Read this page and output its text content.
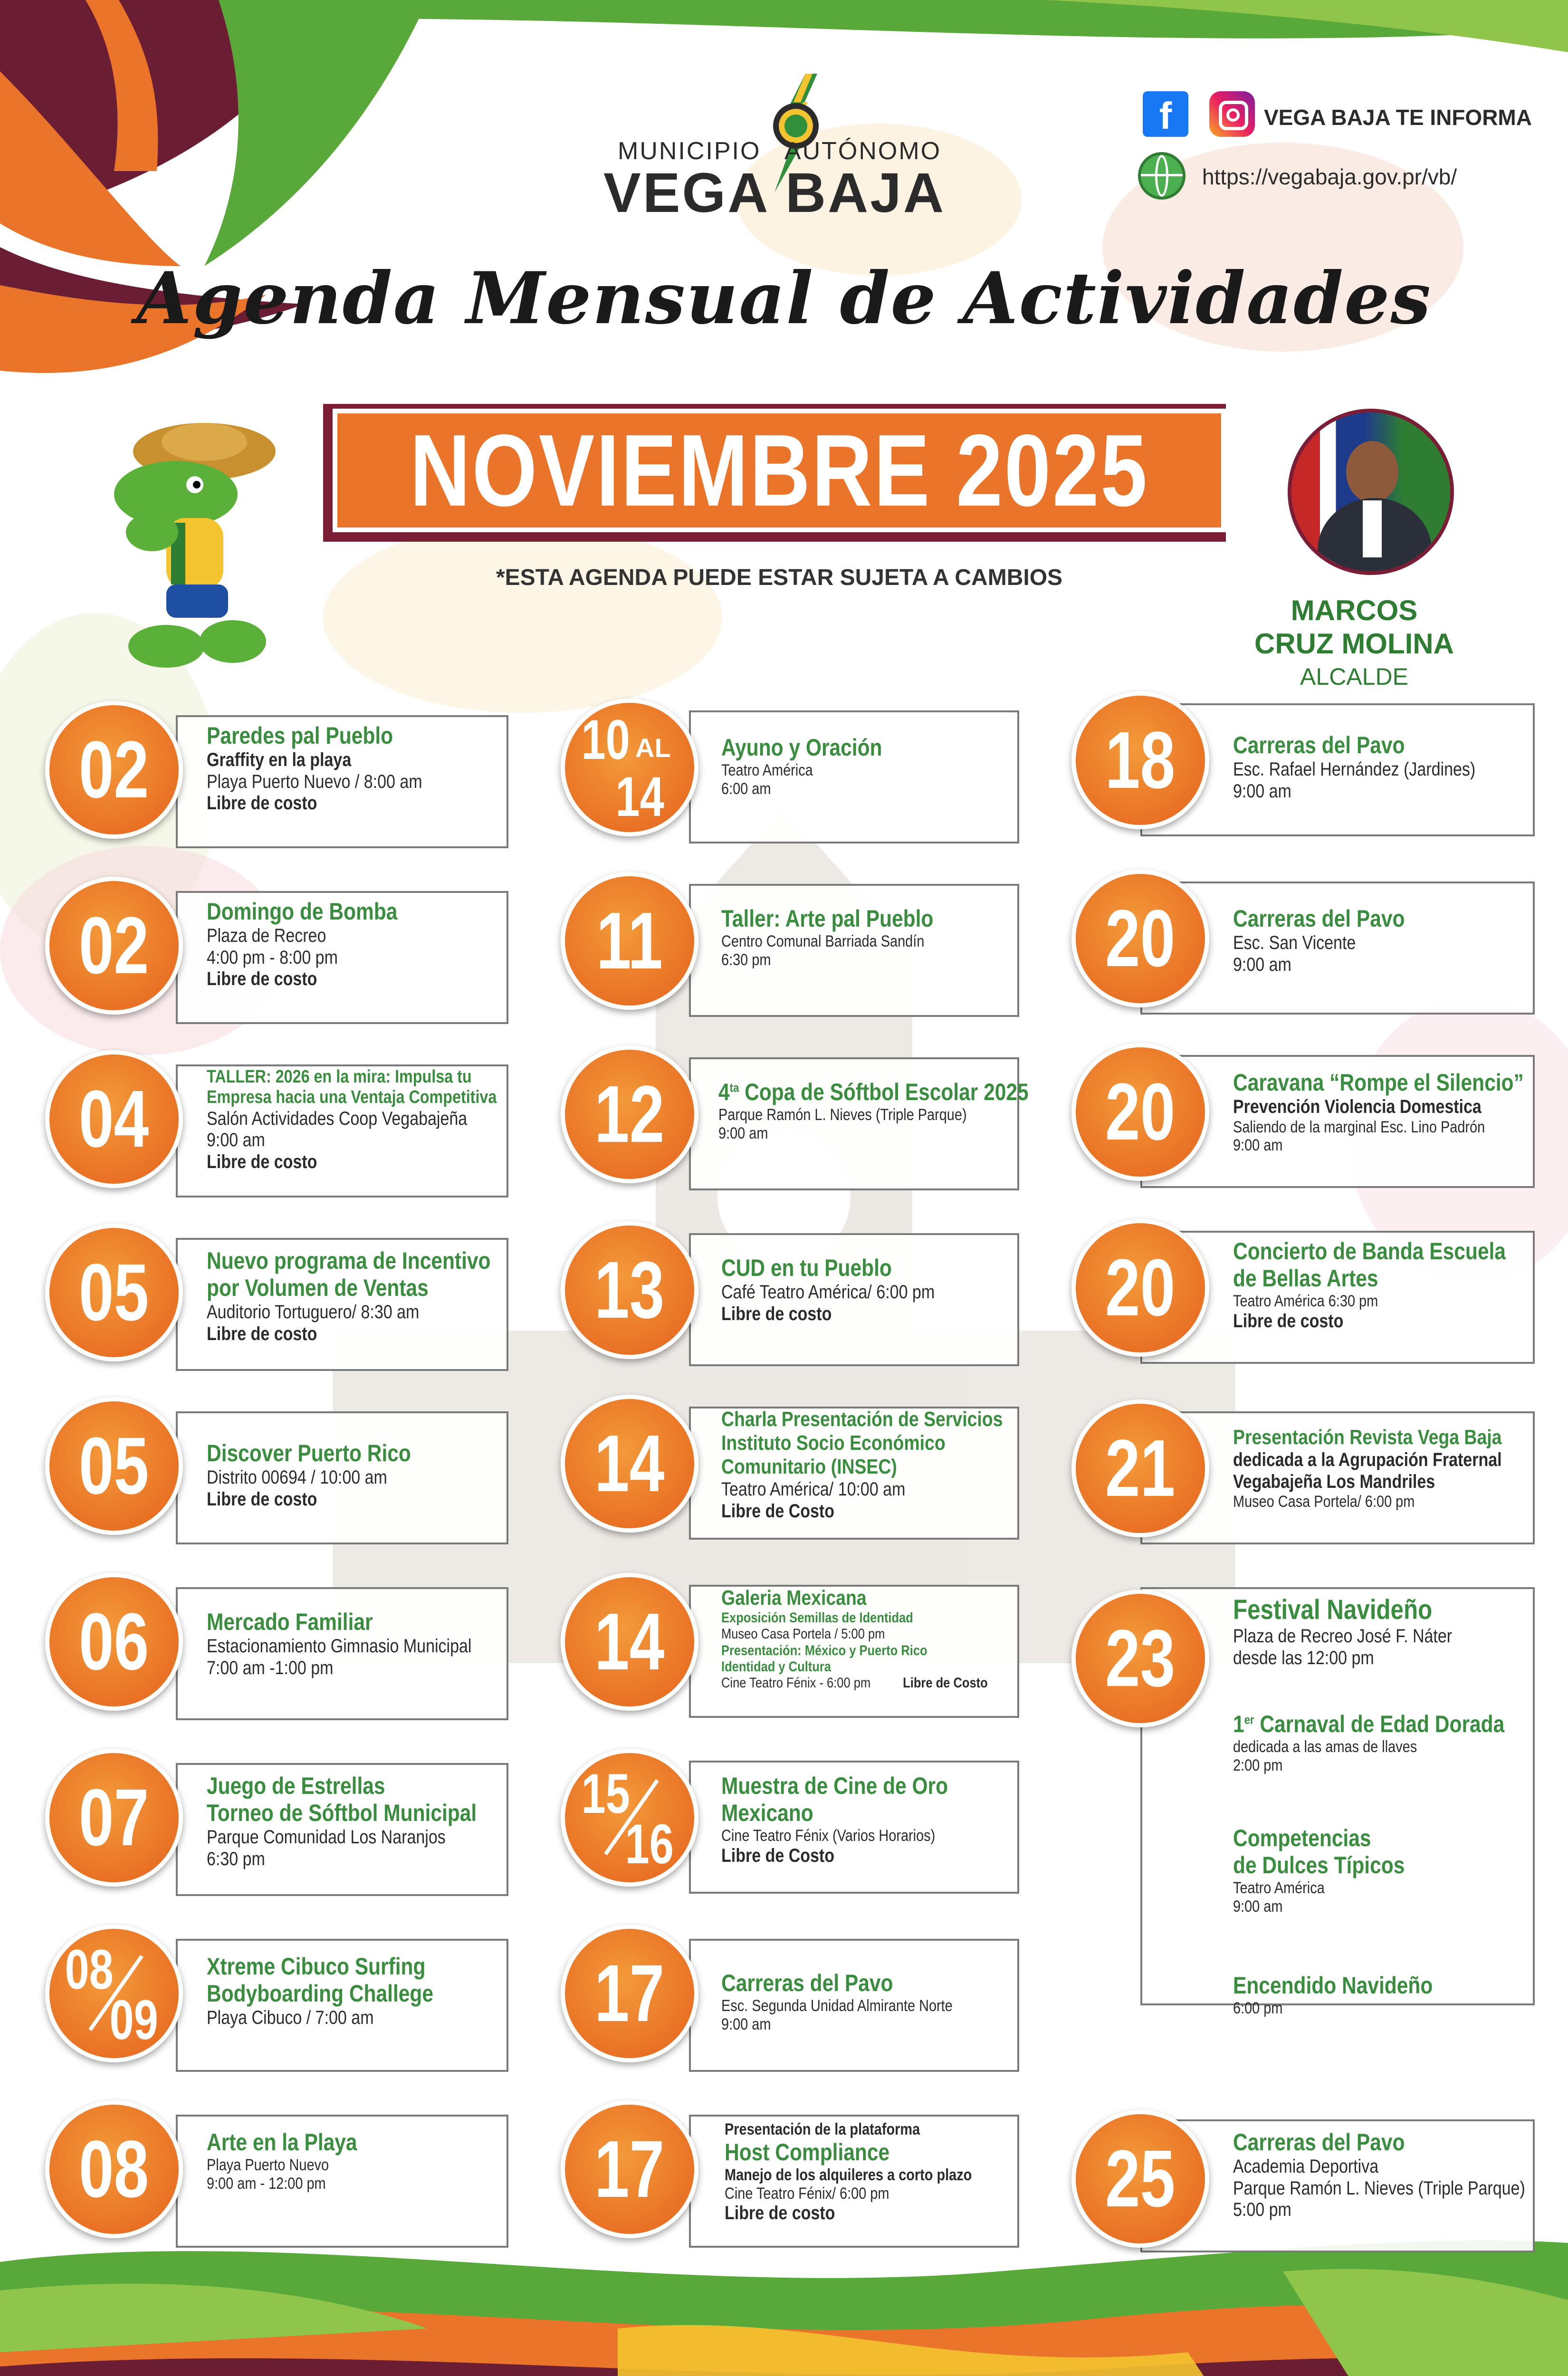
MUNICIPIO   AUTÓNOMO
VEGA BAJA
f	VEGA BAJA TE INFORMA
https://vegabaja.gov.pr/vb/
Agenda Mensual de Actividades
NOVIEMBRE 2025
*ESTA AGENDA PUEDE ESTAR SUJETA A CAMBIOS
MARCOS
CRUZ MOLINA
ALCALDE
02 Paredes pal Pueblo

Graffity en la playa

Playa Puerto Nuevo / 8:00 am

Libre de costo

02 Domingo de Bomba

Plaza de Recreo

4:00 pm - 8:00 pm

Libre de costo

04	TALLER: 2026 en la mira: Impulsa tu

Empresa hacia una Ventaja Competitiva

Salón Actividades Coop Vegabajeña

9:00 am

Libre de costo

05 Nuevo programa de Incentivo

por Volumen de Ventas

Auditorio Tortuguero/ 8:30 am

Libre de costo

05 Discover Puerto Rico

Distrito 00694 / 10:00 am

Libre de costo

06 Mercado Familiar

Estacionamiento Gimnasio Municipal

7:00 am -1:00 pm

07 Juego de Estrellas

Torneo de Sóftbol Municipal

Parque Comunidad Los Naranjos

6:30 pm

08
09

Xtreme Cibuco Surfing

Bodyboarding Challege

Playa Cibuco / 7:00 am

08 Arte en la Playa

Playa Puerto Nuevo

9:00 am - 12:00 pm

10 AL
14

Ayuno y Oración

Teatro América

6:00 am

11 Taller: Arte pal Pueblo

Centro Comunal Barriada Sandín

6:30 pm

12 $4^{ta}$ Copa de Sóftbol Escolar 2025

Parque Ramón L. Nieves (Triple Parque)

9:00 am

13 CUD en tu Pueblo

Café Teatro América/ 6:00 pm

Libre de costo

14	Charla Presentación de Servicios

Instituto Socio Económico

Comunitario (INSEC)

Teatro América/ 10:00 am

Libre de Costo

14	Galeria Mexicana

Exposición Semillas de Identidad

Museo Casa Portela / 5:00 pm

Presentación: México y Puerto Rico

Identidad y Cultura

Cine Teatro Fénix - 6:00 pm Libre de Costo

15
16

Muestra de Cine de Oro

Mexicano

Cine Teatro Fénix (Varios Horarios)

Libre de Costo

17 Carreras del Pavo

Esc. Segunda Unidad Almirante Norte

9:00 am

17	Presentación de la plataforma

Host Compliance

Manejo de los alquileres a corto plazo

Cine Teatro Fénix/ 6:00 pm

Libre de costo

18 Carreras del Pavo

Esc. Rafael Hernández (Jardines)

9:00 am

20 Carreras del Pavo

Esc. San Vicente

9:00 am

20 Caravana “Rompe el Silencio”

Prevención Violencia Domestica

Saliendo de la marginal Esc. Lino Padrón

9:00 am

20 Concierto de Banda Escuela

de Bellas Artes

Teatro América 6:30 pm

Libre de costo

21	Presentación Revista Vega Baja

dedicada a la Agrupación Fraternal

Vegabajeña Los Mandriles

Museo Casa Portela/ 6:00 pm

23

Festival Navideño

Plaza de Recreo José F. Náter

desde las 12:00 pm

1er Carnaval de Edad Dorada

dedicada a las amas de llaves

2:00 pm

Competencias

de Dulces Típicos

Teatro América

9:00 am

Encendido Navideño

6:00 pm

25 Carreras del Pavo

Academia Deportiva

Parque Ramón L. Nieves (Triple Parque)

5:00 pm
